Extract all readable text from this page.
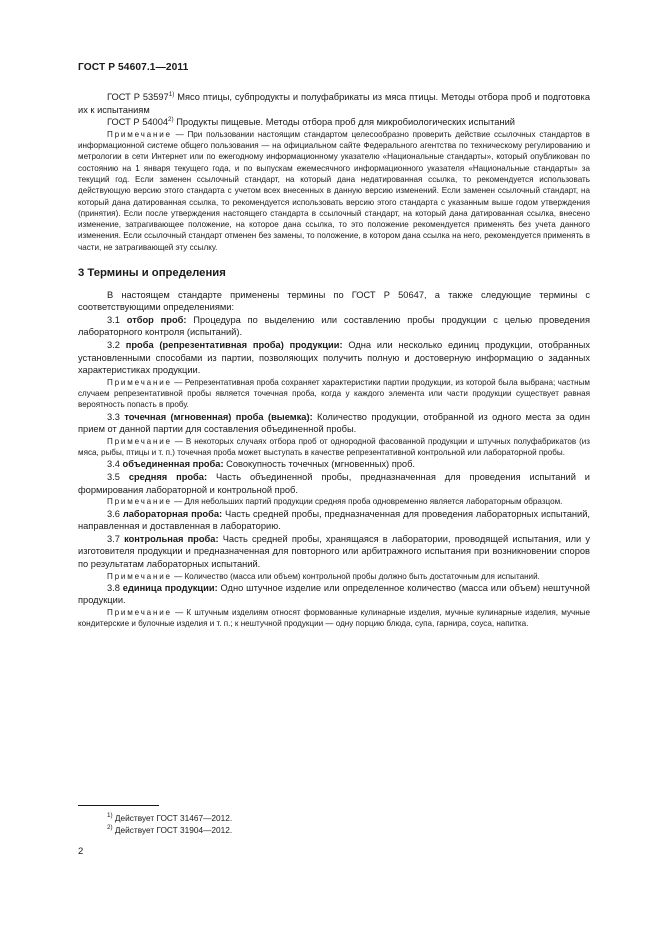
ГОСТ Р 54607.1—2011

ГОСТ Р 53597$^{1)}$ Мясо птицы, субпродукты и полуфабрикаты из мяса птицы. Методы отбора проб и подготовка их к испытаниям

ГОСТ Р 54004$^{2)}$ Продукты пищевые. Методы отбора проб для микробиологических испытаний

Примечание — При пользовании настоящим стандартом целесообразно проверить действие ссылочных стандартов в информационной системе общего пользования — на официальном сайте Федерального агентства по техническому регулированию и метрологии в сети Интернет или по ежегодному информационному указателю «Национальные стандарты», который опубликован по состоянию на 1 января текущего года, и по выпускам ежемесячного информационного указателя «Национальные стандарты» за текущий год. Если заменен ссылочный стандарт, на который дана недатированная ссылка, то рекомендуется использовать действующую версию этого стандарта с учетом всех внесенных в данную версию изменений. Если заменен ссылочный стандарт, на который дана датированная ссылка, то рекомендуется использовать версию этого стандарта с указанным выше годом утверждения (принятия). Если после утверждения настоящего стандарта в ссылочный стандарт, на который дана датированная ссылка, внесено изменение, затрагивающее положение, на которое дана ссылка, то это положение рекомендуется применять без учета данного изменения. Если ссылочный стандарт отменен без замены, то положение, в котором дана ссылка на него, рекомендуется применять в части, не затрагивающей эту ссылку.

3 Термины и определения

В настоящем стандарте применены термины по ГОСТ Р 50647, а также следующие термины с соответствующими определениями:

3.1 отбор проб: Процедура по выделению или составлению пробы продукции с целью проведения лабораторного контроля (испытаний).

3.2 проба (репрезентативная проба) продукции: Одна или несколько единиц продукции, отобранных установленными способами из партии, позволяющих получить полную и достоверную информацию о заданных характеристиках продукции.

Примечание — Репрезентативная проба сохраняет характеристики партии продукции, из которой была выбрана; частным случаем репрезентативной пробы является точечная проба, когда у каждого элемента или части продукции существует равная вероятность попасть в пробу.

3.3 точечная (мгновенная) проба (выемка): Количество продукции, отобранной из одного места за один прием от данной партии для составления объединенной пробы.

Примечание — В некоторых случаях отбора проб от однородной фасованной продукции и штучных полуфабрикатов (из мяса, рыбы, птицы и т. п.) точечная проба может выступать в качестве репрезентативной контрольной или лабораторной пробы.

3.4 объединенная проба: Совокупность точечных (мгновенных) проб.

3.5 средняя проба: Часть объединенной пробы, предназначенная для проведения испытаний и формирования лабораторной и контрольной проб.

Примечание — Для небольших партий продукции средняя проба одновременно является лабораторным образцом.

3.6 лабораторная проба: Часть средней пробы, предназначенная для проведения лабораторных испытаний, направленная и доставленная в лабораторию.

3.7 контрольная проба: Часть средней пробы, хранящаяся в лаборатории, проводящей испытания, или у изготовителя продукции и предназначенная для повторного или арбитражного испытания при возникновении споров по результатам лабораторных испытаний.

Примечание — Количество (масса или объем) контрольной пробы должно быть достаточным для испытаний.

3.8 единица продукции: Одно штучное изделие или определенное количество (масса или объем) нештучной продукции.

Примечание — К штучным изделиям относят формованные кулинарные изделия, мучные кулинарные изделия, мучные кондитерские и булочные изделия и т. п.; к нештучной продукции — одну порцию блюда, супа, гарнира, соуса, напитка.

$^{1)}$ Действует ГОСТ 31467—2012.
$^{2)}$ Действует ГОСТ 31904—2012.
2
